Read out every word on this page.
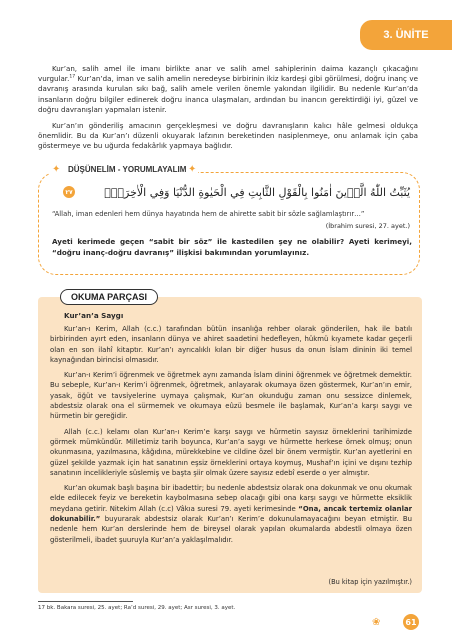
3. ÜNİTE

Kur’an, salih amel ile imanı birlikte anar ve salih amel sahiplerinin daima kazançlı çıkacağını vurgular.$^{17}$ Kur’an’da, iman ve salih amelin neredeyse birbirinin ikiz kardeşi gibi görülmesi, doğru inanç ve davranış arasında kurulan sıkı bağ, salih amele verilen önemle yakından ilgilidir. Bu nedenle Kur’an’da insanların doğru bilgiler edinerek doğru inanca ulaşmaları, ardından bu inancın gerektirdiği iyi, güzel ve doğru davranışları yapmaları istenir.

Kur’an’ın gönderiliş amacının gerçekleşmesi ve doğru davranışların kalıcı hâle gelmesi oldukça önemlidir. Bu da Kur’an’ı düzenli okuyarak lafzının bereketinden nasiplenmeye, onu anlamak için çaba göstermeye ve bu uğurda fedakârlık yapmaya bağlıdır.

✦ DÜŞÜNELİM - YORUMLAYALIM ✦
٢٧	يُثَبِّتُ اللّٰهُ الَّذ۪ينَ اٰمَنُوا بِالْقَوْلِ الثَّابِتِ فِي الْحَيٰوةِ الدُّنْيَا وَفِي الْاٰخِرَةِۚ
“Allah, iman edenleri hem dünya hayatında hem de ahirette sabit bir sözle sağlamlaştırır…”
(İbrahim suresi, 27. ayet.)
Ayeti kerimede geçen “sabit bir söz” ile kastedilen şey ne olabilir? Ayeti kerimeyi, “doğru inanç-doğru davranış” ilişkisi bakımından yorumlayınız.
OKUMA PARÇASI
Kur’an’a Saygı

Kur’an-ı Kerim, Allah (c.c.) tarafından bütün insanlığa rehber olarak gönderilen, hak ile batılı birbirinden ayırt eden, insanların dünya ve ahiret saadetini hedefleyen, hükmü kıyamete kadar geçerli olan en son ilahî kitaptır. Kur’an’ı ayrıcalıklı kılan bir diğer husus da onun İslam dininin iki temel kaynağından birincisi olmasıdır.

Kur’an-ı Kerim’i öğrenmek ve öğretmek aynı zamanda İslam dinini öğrenmek ve öğretmek demektir. Bu sebeple, Kur’an-ı Kerim’i öğrenmek, öğretmek, anlayarak okumaya özen göstermek, Kur’an’ın emir, yasak, öğüt ve tavsiyelerine uymaya çalışmak, Kur’an okunduğu zaman onu sessizce dinlemek, abdestsiz olarak ona el sürmemek ve okumaya eûzü besmele ile başlamak, Kur’an’a karşı saygı ve hürmetin bir gereğidir.

Allah (c.c.) kelamı olan Kur’an-ı Kerim’e karşı saygı ve hürmetin sayısız örneklerini tarihimizde görmek mümkündür. Milletimiz tarih boyunca, Kur’an’a saygı ve hürmette herkese örnek olmuş; onun okunmasına, yazılmasına, kâğıdına, mürekkebine ve cildine özel bir önem vermiştir. Kur’an ayetlerini en güzel şekilde yazmak için hat sanatının eşsiz örneklerini ortaya koymuş, Mushaf’ın içini ve dışını tezhip sanatının incelikleriyle süslemiş ve başta şiir olmak üzere sayısız edebî eserde o yer almıştır.

Kur’an okumak başlı başına bir ibadettir; bu nedenle abdestsiz olarak ona dokunmak ve onu okumak elde edilecek feyiz ve bereketin kaybolmasına sebep olacağı gibi ona karşı saygı ve hürmette eksiklik meydana getirir. Nitekim Allah (c.c) Vâkıa suresi 79. ayeti kerimesinde “Ona, ancak tertemiz olanlar dokunabilir.” buyurarak abdestsiz olarak Kur’an’ı Kerim’e dokunulamayacağını beyan etmiştir. Bu nedenle hem Kur’an derslerinde hem de bireysel olarak yapılan okumalarda abdestli olmaya özen gösterilmeli, ibadet şuuruyla Kur’an’a yaklaşılmalıdır.

(Bu kitap için yazılmıştır.)
17 bk. Bakara suresi, 25. ayet; Ra’d suresi, 29. ayet; Asr suresi, 3. ayet.
❀	61
